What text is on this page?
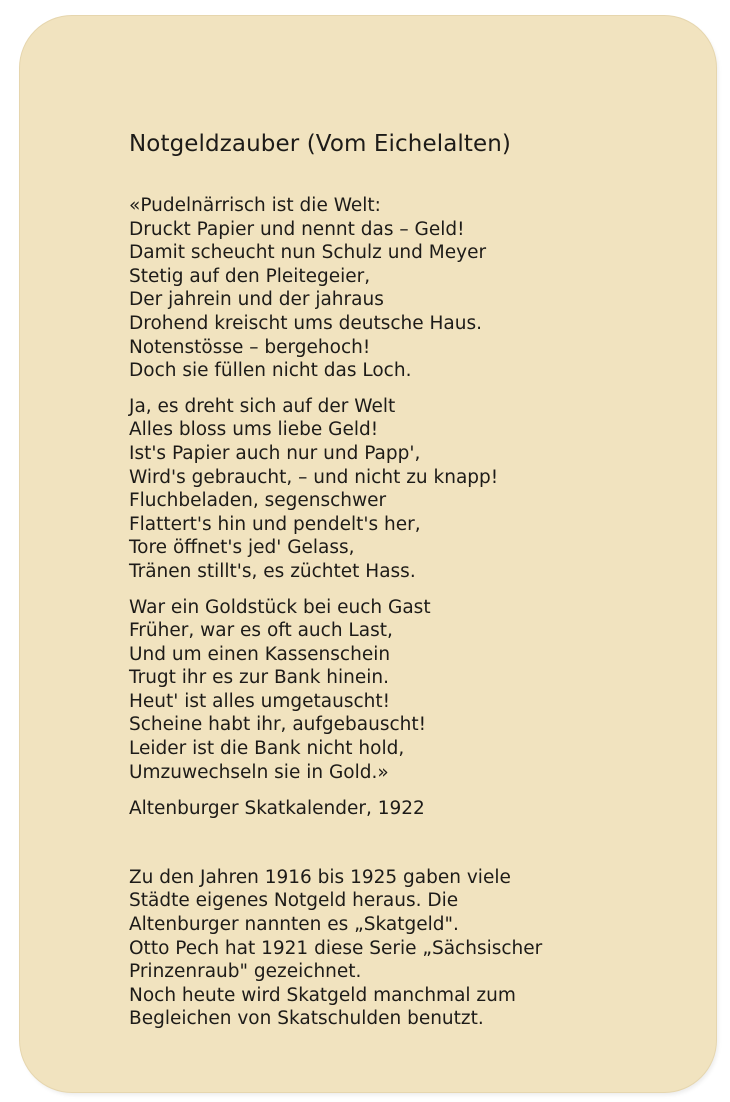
Notgeldzauber (Vom Eichelalten)
«Pudelnärrisch ist die Welt:
Druckt Papier und nennt das – Geld!
Damit scheucht nun Schulz und Meyer
Stetig auf den Pleitegeier,
Der jahrein und der jahraus
Drohend kreischt ums deutsche Haus.
Notenstösse – bergehoch!
Doch sie füllen nicht das Loch.
Ja, es dreht sich auf der Welt
Alles bloss ums liebe Geld!
Ist's Papier auch nur und Papp',
Wird's gebraucht, – und nicht zu knapp!
Fluchbeladen, segenschwer
Flattert's hin und pendelt's her,
Tore öffnet's jed' Gelass,
Tränen stillt's, es züchtet Hass.
War ein Goldstück bei euch Gast
Früher, war es oft auch Last,
Und um einen Kassenschein
Trugt ihr es zur Bank hinein.
Heut' ist alles umgetauscht!
Scheine habt ihr, aufgebauscht!
Leider ist die Bank nicht hold,
Umzuwechseln sie in Gold.»
Altenburger Skatkalender, 1922
Zu den Jahren 1916 bis 1925 gaben viele
Städte eigenes Notgeld heraus. Die
Altenburger nannten es „Skatgeld".
Otto Pech hat 1921 diese Serie „Sächsischer
Prinzenraub" gezeichnet.
Noch heute wird Skatgeld manchmal zum
Begleichen von Skatschulden benutzt.
